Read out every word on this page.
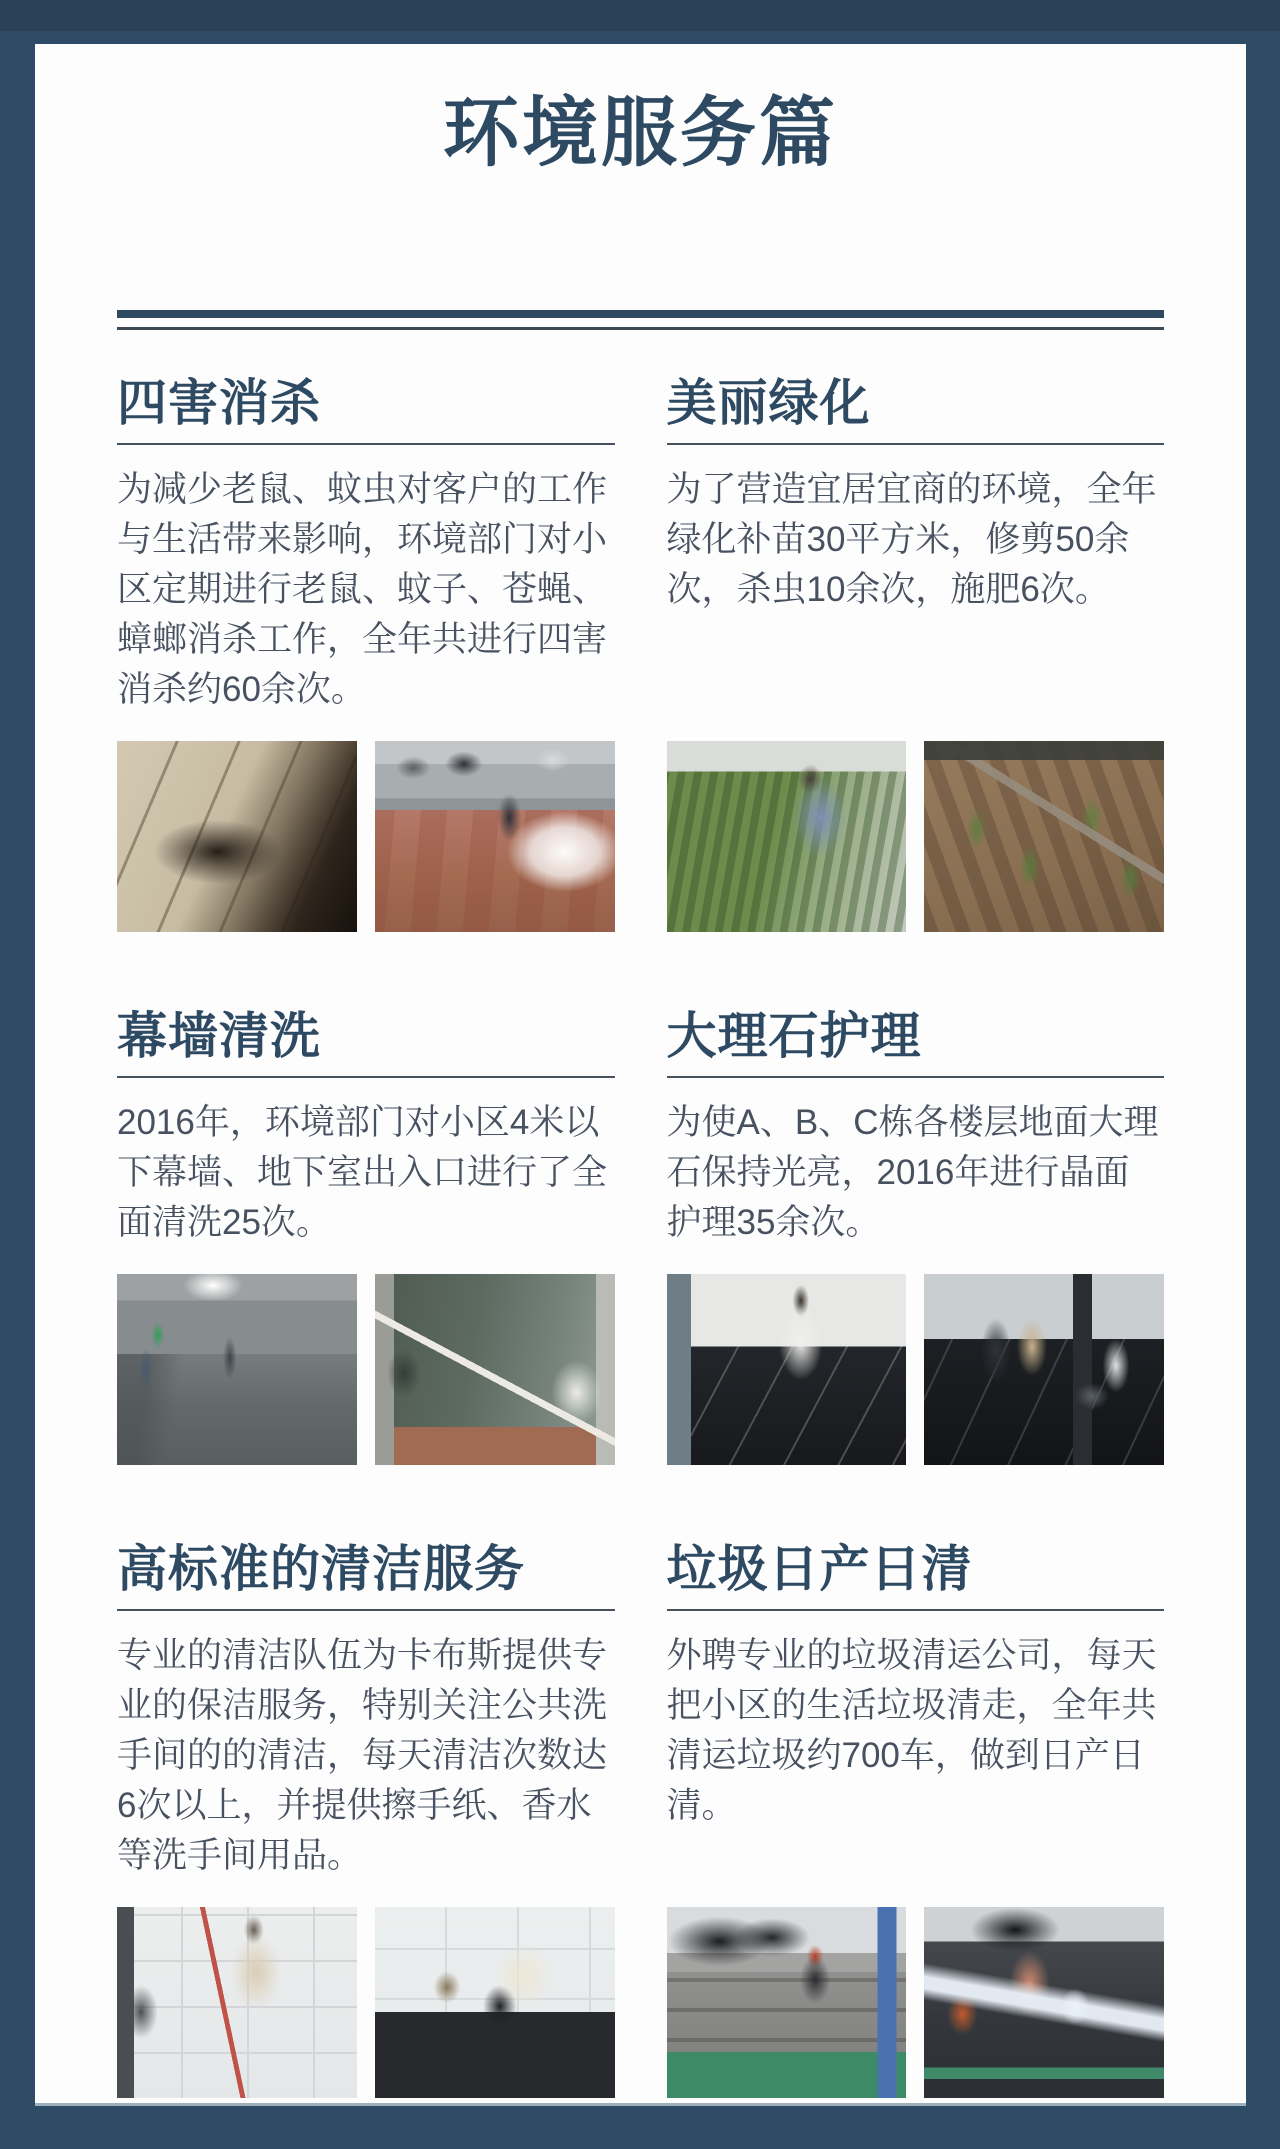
环境服务篇
四害消杀

为减少老鼠、蚊虫对客户的工作与生活带来影响，环境部门对小区定期进行老鼠、蚊子、苍蝇、蟑螂消杀工作，全年共进行四害消杀约60余次。

美丽绿化

为了营造宜居宜商的环境，全年绿化补苗30平方米，修剪50余次，杀虫10余次，施肥6次。

幕墙清洗

2016年，环境部门对小区4米以下幕墙、地下室出入口进行了全面清洗25次。

大理石护理

为使A、B、C栋各楼层地面大理石保持光亮，2016年进行晶面护理35余次。

高标准的清洁服务

专业的清洁队伍为卡布斯提供专业的保洁服务，特别关注公共洗手间的的清洁，每天清洁次数达6次以上，并提供擦手纸、香水等洗手间用品。

垃圾日产日清

外聘专业的垃圾清运公司，每天把小区的生活垃圾清走，全年共清运垃圾约700车，做到日产日清。
